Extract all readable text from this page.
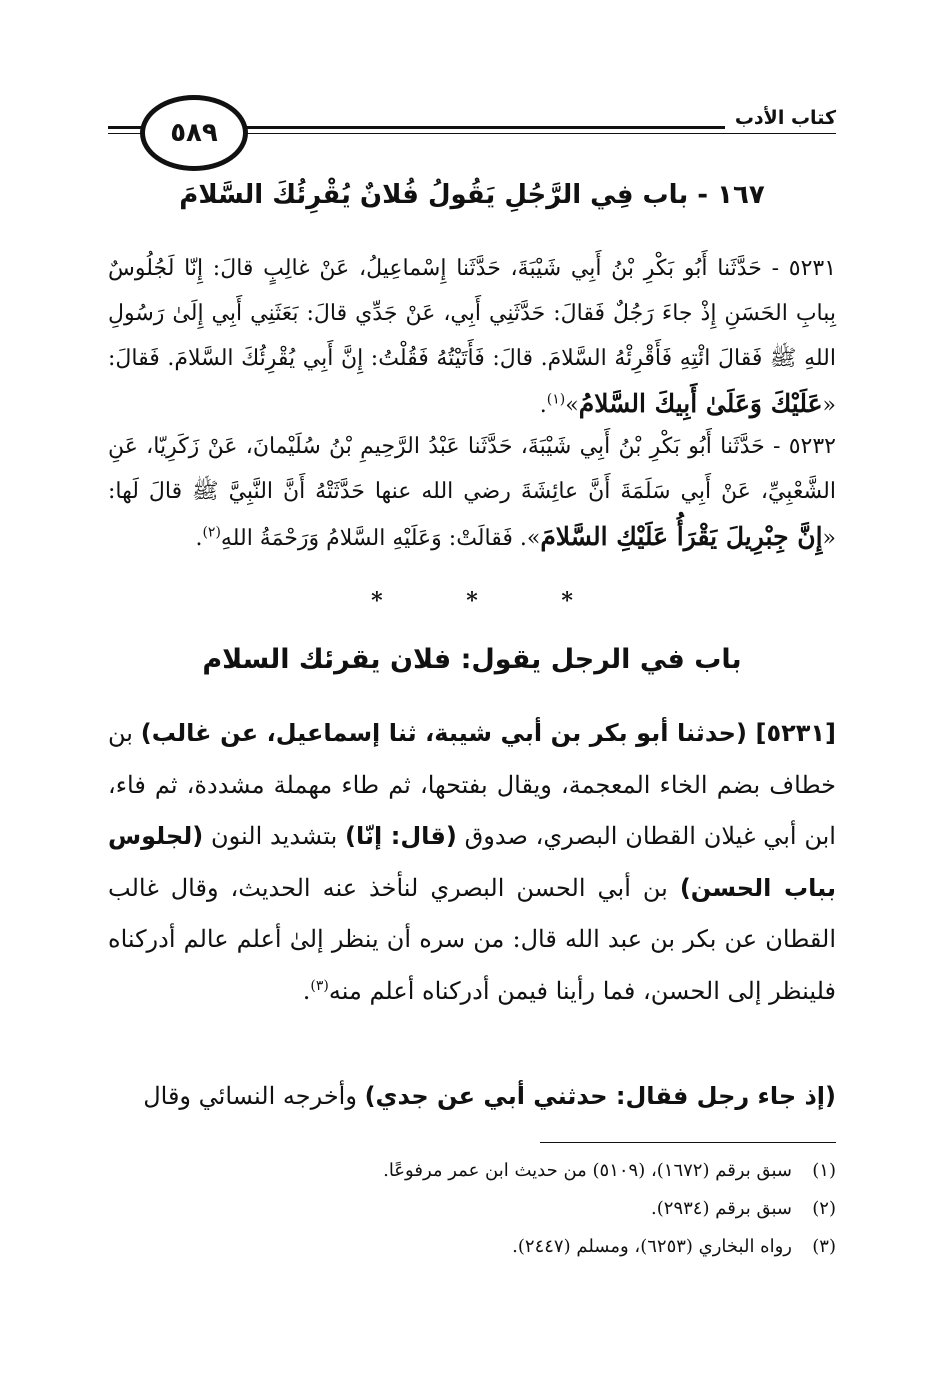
٥٨٩	كتاب الأدب
١٦٧ - باب فِي الرَّجُلِ يَقُولُ فُلانٌ يُقْرِئُكَ السَّلامَ
٥٢٣١ - حَدَّثَنا أَبُو بَكْرِ بْنُ أَبِي شَيْبَةَ، حَدَّثَنا إِسْماعِيلُ، عَنْ غالِبٍ قالَ: إِنّا لَجُلُوسٌ بِبابِ الحَسَنِ إِذْ جاءَ رَجُلٌ فَقالَ: حَدَّثَنِي أَبِي، عَنْ جَدِّي قالَ: بَعَثَنِي أَبِي إِلَىٰ رَسُولِ اللهِ ﷺ فَقالَ ائْتِهِ فَأَقْرِئْهُ السَّلامَ. قالَ: فَأَتَيْتُهُ فَقُلْتُ: إِنَّ أَبِي يُقْرِئُكَ السَّلامَ. فَقالَ: «عَلَيْكَ وَعَلَىٰ أَبِيكَ السَّلامُ»$^{(١)}$.
٥٢٣٢ - حَدَّثَنا أَبُو بَكْرِ بْنُ أَبِي شَيْبَةَ، حَدَّثَنا عَبْدُ الرَّحِيمِ بْنُ سُلَيْمانَ، عَنْ زَكَرِيّا، عَنِ الشَّعْبِيِّ، عَنْ أَبِي سَلَمَةَ أَنَّ عائِشَةَ رضي الله عنها حَدَّثَتْهُ أَنَّ النَّبِيَّ ﷺ قالَ لَها: «إِنَّ جِبْرِيلَ يَقْرَأُ عَلَيْكِ السَّلامَ». فَقالَتْ: وَعَلَيْهِ السَّلامُ وَرَحْمَةُ اللهِ$^{(٢)}$.
* * *
باب في الرجل يقول: فلان يقرئك السلام
[٥٢٣١] (حدثنا أبو بكر بن أبي شيبة، ثنا إسماعيل، عن غالب) بن خطاف بضم الخاء المعجمة، ويقال بفتحها، ثم طاء مهملة مشددة، ثم فاء، ابن أبي غيلان القطان البصري، صدوق (قال: إنّا) بتشديد النون (لجلوس بباب الحسن) بن أبي الحسن البصري لنأخذ عنه الحديث، وقال غالب القطان عن بكر بن عبد الله قال: من سره أن ينظر إلىٰ أعلم عالم أدركناه فلينظر إلى الحسن، فما رأينا فيمن أدركناه أعلم منه$^{(٣)}$.
(إذ جاء رجل فقال: حدثني أبي عن جدي) وأخرجه النسائي وقال
(١)سبق برقم (١٦٧٢)، (٥١٠٩) من حديث ابن عمر مرفوعًا.
(٢)سبق برقم (٢٩٣٤).
(٣)رواه البخاري (٦٢٥٣)، ومسلم (٢٤٤٧).
